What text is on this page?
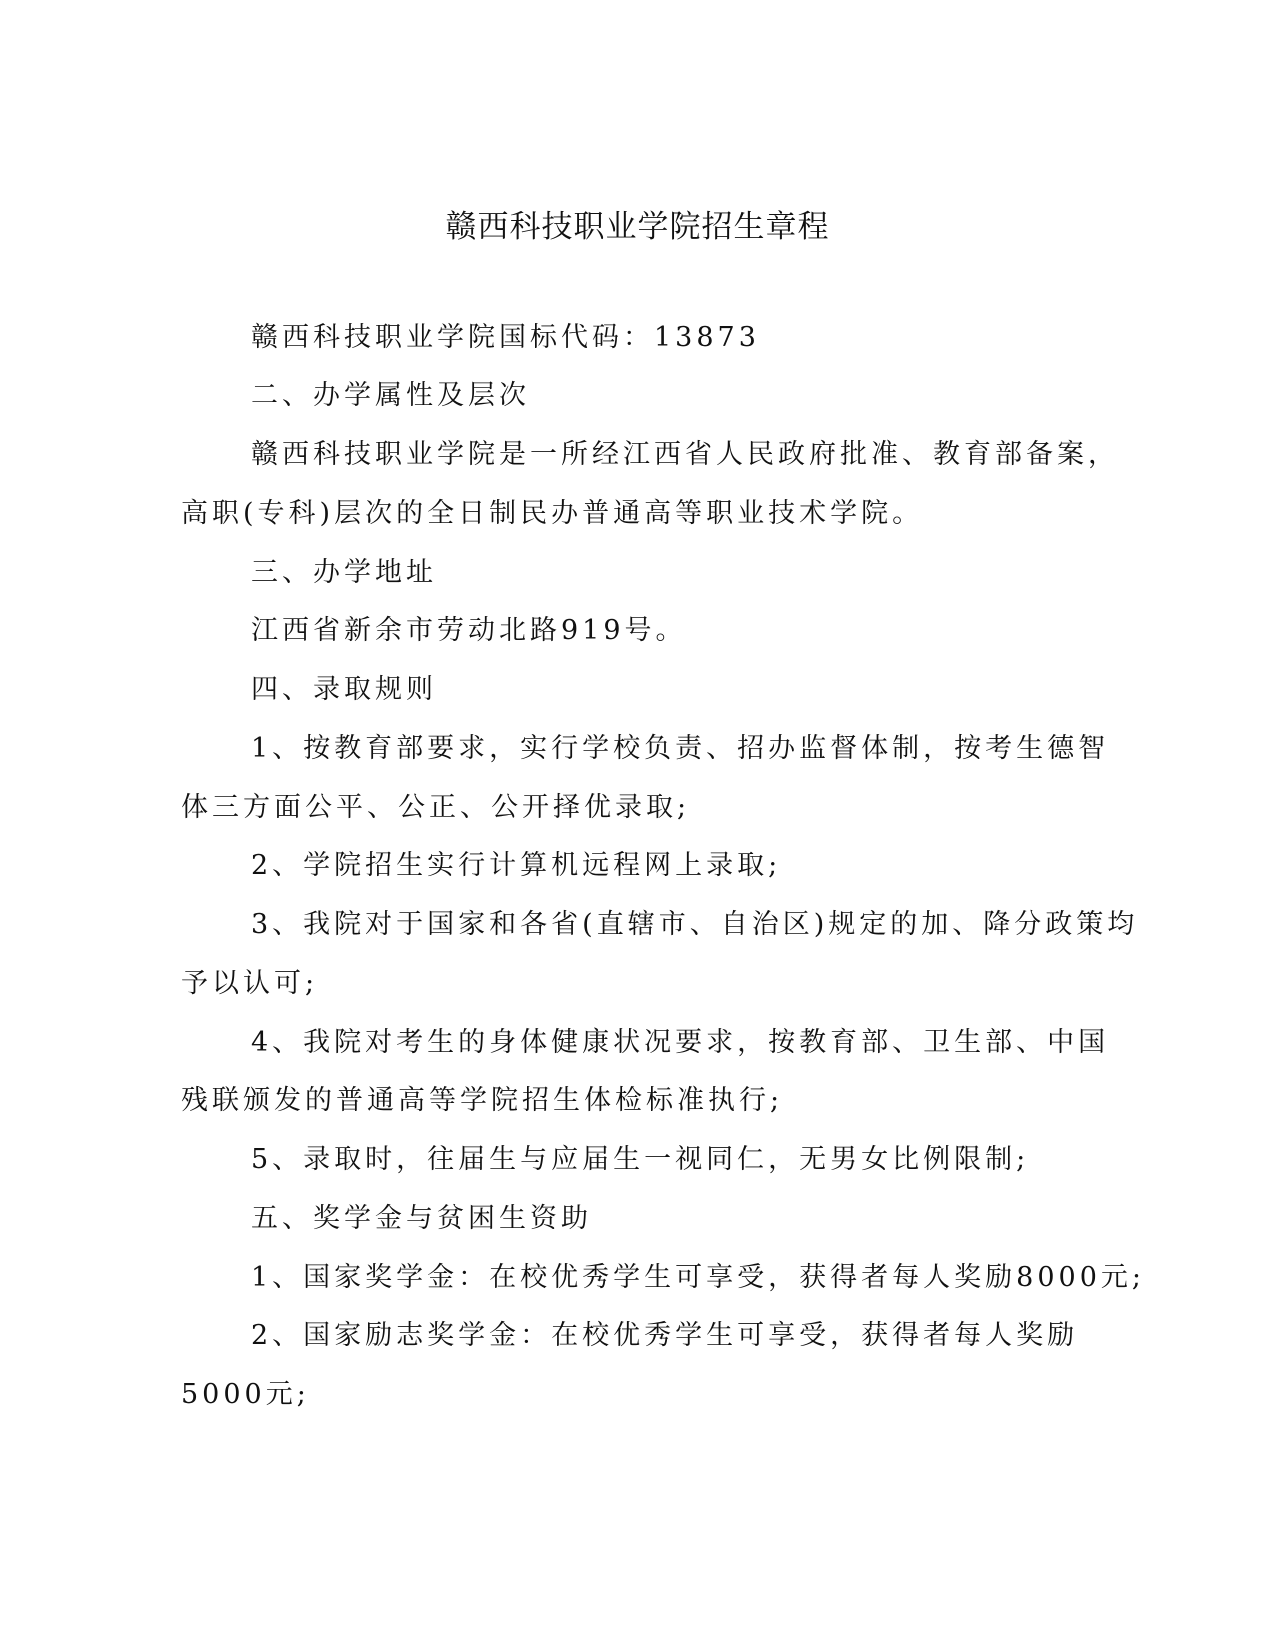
赣西科技职业学院招生章程
赣西科技职业学院国标代码：13873
二、办学属性及层次
赣西科技职业学院是一所经江西省人民政府批准、教育部备案，
高职(专科)层次的全日制民办普通高等职业技术学院。
三、办学地址
江西省新余市劳动北路919号。
四、录取规则
1、按教育部要求，实行学校负责、招办监督体制，按考生德智
体三方面公平、公正、公开择优录取;
2、学院招生实行计算机远程网上录取;
3、我院对于国家和各省(直辖市、自治区)规定的加、降分政策均
予以认可;
4、我院对考生的身体健康状况要求，按教育部、卫生部、中国
残联颁发的普通高等学院招生体检标准执行;
5、录取时，往届生与应届生一视同仁，无男女比例限制;
五、奖学金与贫困生资助
1、国家奖学金：在校优秀学生可享受，获得者每人奖励8000元;
2、国家励志奖学金：在校优秀学生可享受，获得者每人奖励
5000元;
